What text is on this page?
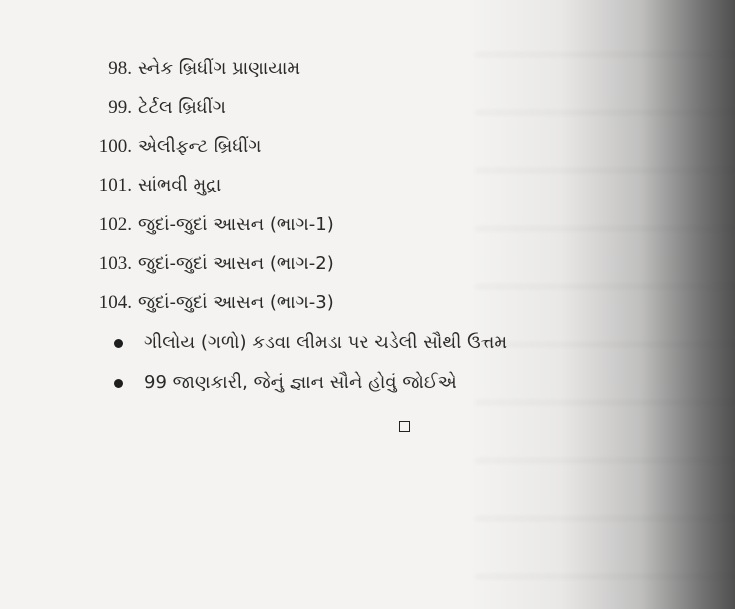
98. સ્નેક બ્રિધીંગ પ્રાણાયામ
99. ટેર્ટલ બ્રિધીંગ
100. એલીફન્ટ બ્રિધીંગ
101. સાંભવી મુદ્રા
102. જુદાં-જુદાં આસન (ભાગ-1)
103. જુદાં-જુદાં આસન (ભાગ-2)
104. જુદાં-જુદાં આસન (ભાગ-3)
ગીલોય (ગળો) કડવા લીમડા પર ચડેલી સૌથી ઉત્તમ
99 જાણકારી, જેનું જ્ઞાન સૌને હોવું જોઈએ
